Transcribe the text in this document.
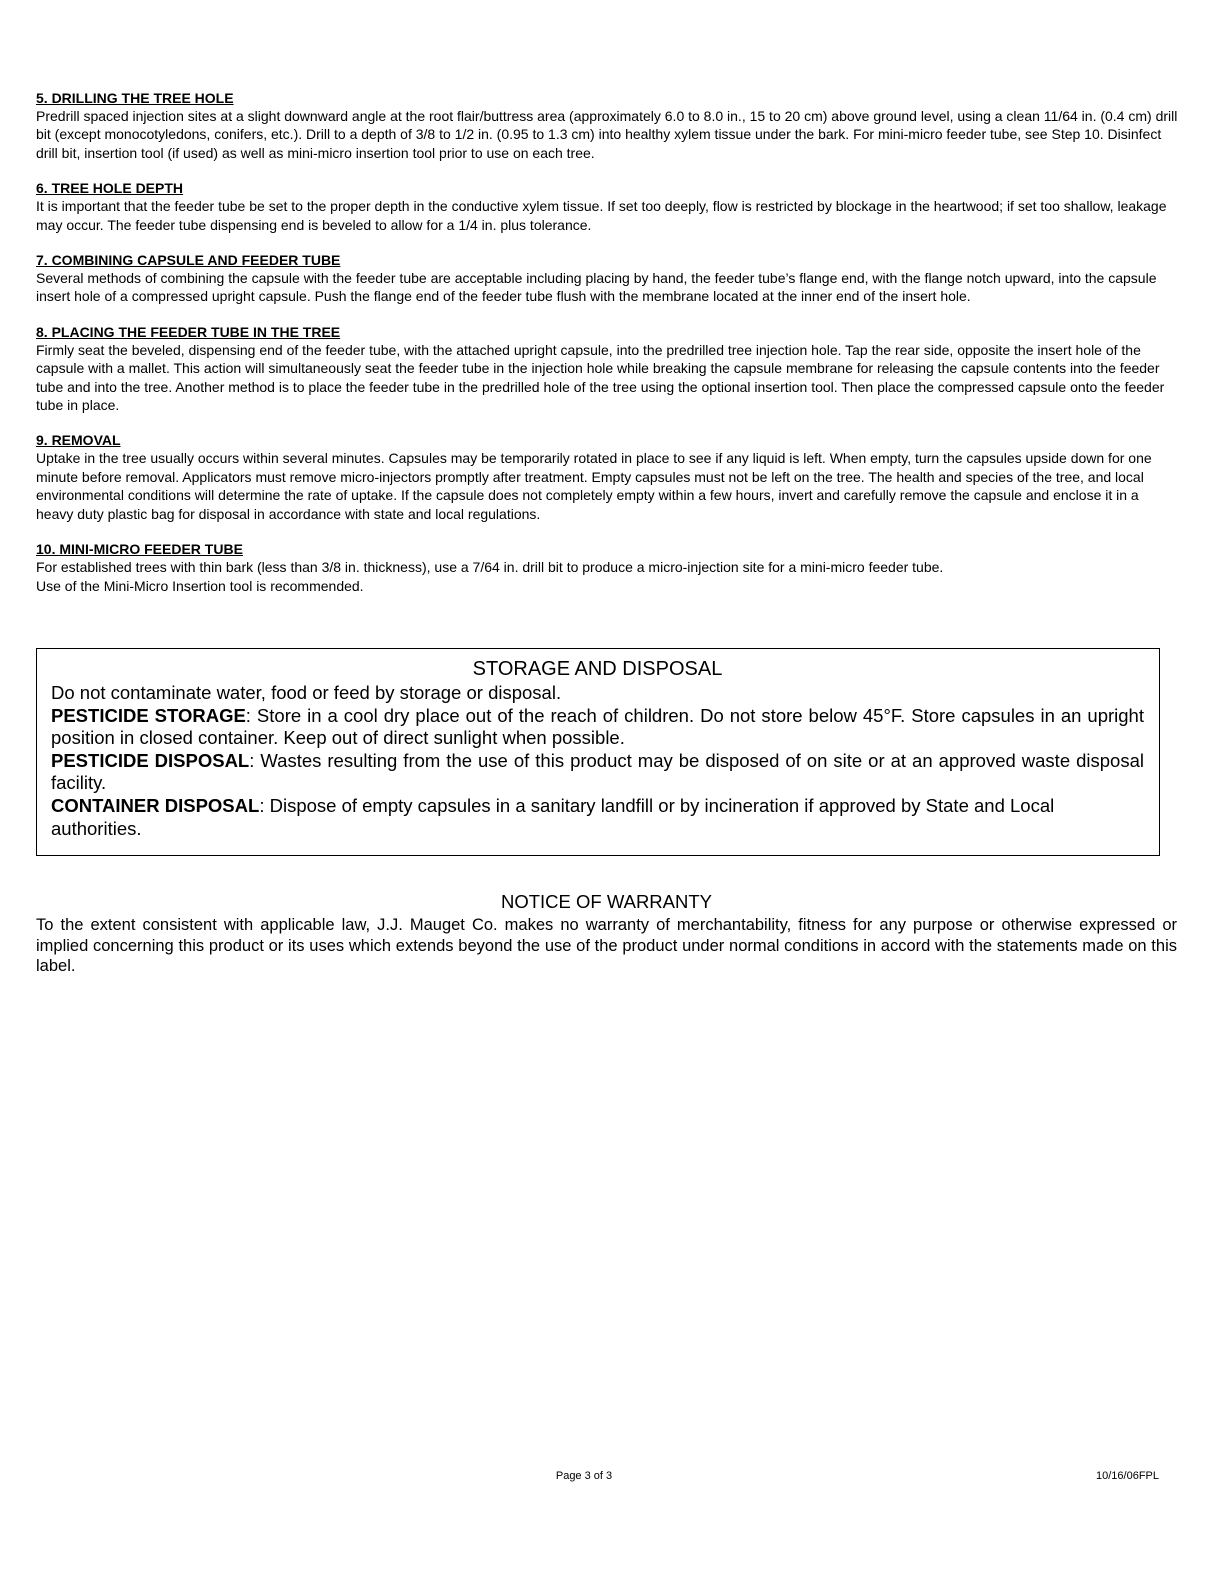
5. DRILLING THE TREE HOLE

Predrill spaced injection sites at a slight downward angle at the root flair/buttress area (approximately 6.0 to 8.0 in., 15 to 20 cm) above ground level, using a clean 11/64 in. (0.4 cm) drill bit (except monocotyledons, conifers, etc.). Drill to a depth of 3/8 to 1/2 in. (0.95 to 1.3 cm) into healthy xylem tissue under the bark. For mini-micro feeder tube, see Step 10. Disinfect drill bit, insertion tool (if used) as well as mini-micro insertion tool prior to use on each tree.

6. TREE HOLE DEPTH

It is important that the feeder tube be set to the proper depth in the conductive xylem tissue. If set too deeply, flow is restricted by blockage in the heartwood; if set too shallow, leakage may occur. The feeder tube dispensing end is beveled to allow for a 1/4 in. plus tolerance.

7. COMBINING CAPSULE AND FEEDER TUBE

Several methods of combining the capsule with the feeder tube are acceptable including placing by hand, the feeder tube’s flange end, with the flange notch upward, into the capsule insert hole of a compressed upright capsule. Push the flange end of the feeder tube flush with the membrane located at the inner end of the insert hole.

8. PLACING THE FEEDER TUBE IN THE TREE

Firmly seat the beveled, dispensing end of the feeder tube, with the attached upright capsule, into the predrilled tree injection hole. Tap the rear side, opposite the insert hole of the capsule with a mallet. This action will simultaneously seat the feeder tube in the injection hole while breaking the capsule membrane for releasing the capsule contents into the feeder tube and into the tree. Another method is to place the feeder tube in the predrilled hole of the tree using the optional insertion tool. Then place the compressed capsule onto the feeder tube in place.

9. REMOVAL

Uptake in the tree usually occurs within several minutes. Capsules may be temporarily rotated in place to see if any liquid is left. When empty, turn the capsules upside down for one minute before removal. Applicators must remove micro-injectors promptly after treatment. Empty capsules must not be left on the tree. The health and species of the tree, and local environmental conditions will determine the rate of uptake. If the capsule does not completely empty within a few hours, invert and carefully remove the capsule and enclose it in a heavy duty plastic bag for disposal in accordance with state and local regulations.

10. MINI-MICRO FEEDER TUBE

For established trees with thin bark (less than 3/8 in. thickness), use a 7/64 in. drill bit to produce a micro-injection site for a mini-micro feeder tube.

Use of the Mini-Micro Insertion tool is recommended.

STORAGE AND DISPOSAL

Do not contaminate water, food or feed by storage or disposal.

PESTICIDE STORAGE: Store in a cool dry place out of the reach of children. Do not store below 45°F. Store capsules in an upright position in closed container. Keep out of direct sunlight when possible.

PESTICIDE DISPOSAL: Wastes resulting from the use of this product may be disposed of on site or at an approved waste disposal facility.

CONTAINER DISPOSAL: Dispose of empty capsules in a sanitary landfill or by incineration if approved by State and Local authorities.

NOTICE OF WARRANTY

To the extent consistent with applicable law, J.J. Mauget Co. makes no warranty of merchantability, fitness for any purpose or otherwise expressed or implied concerning this product or its uses which extends beyond the use of the product under normal conditions in accord with the statements made on this label.

Page 3 of 3	10/16/06FPL
